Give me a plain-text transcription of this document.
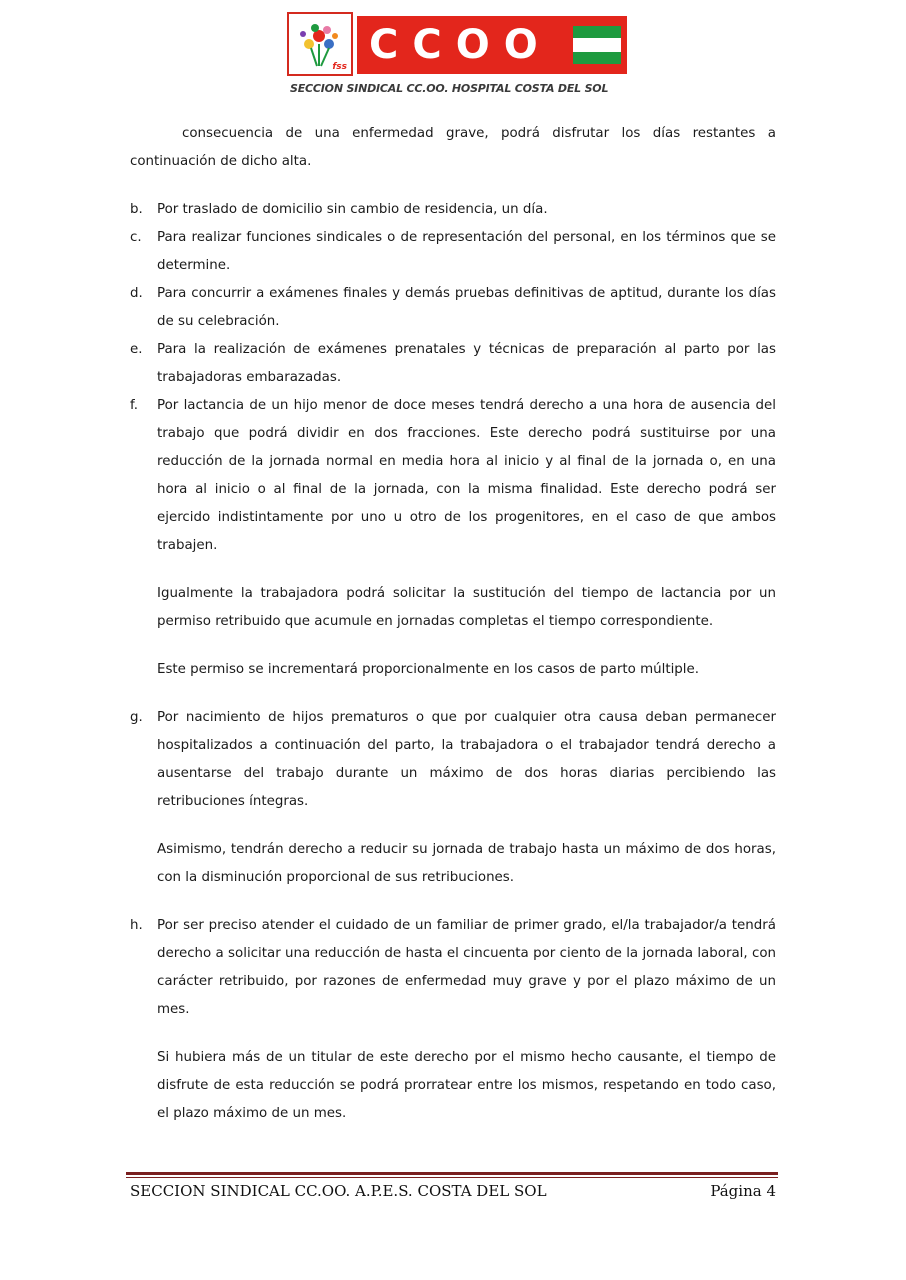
fss CCOO
SECCION SINDICAL CC.OO. HOSPITAL COSTA DEL SOL

consecuencia de una enfermedad grave, podrá disfrutar los días restantes a continuación de dicho alta.

b. Por traslado de domicilio sin cambio de residencia, un día.

c. Para realizar funciones sindicales o de representación del personal, en los términos que se determine.

d. Para concurrir a exámenes finales y demás pruebas definitivas de aptitud, durante los días de su celebración.

e. Para la realización de exámenes prenatales y técnicas de preparación al parto por las trabajadoras embarazadas.

f. Por lactancia de un hijo menor de doce meses tendrá derecho a una hora de ausencia del trabajo que podrá dividir en dos fracciones. Este derecho podrá sustituirse por una reducción de la jornada normal en media hora al inicio y al final de la jornada o, en una hora al inicio o al final de la jornada, con la misma finalidad. Este derecho podrá ser ejercido indistintamente por uno u otro de los progenitores, en el caso de que ambos trabajen.

Igualmente la trabajadora podrá solicitar la sustitución del tiempo de lactancia por un permiso retribuido que acumule en jornadas completas el tiempo correspondiente.

Este permiso se incrementará proporcionalmente en los casos de parto múltiple.

g. Por nacimiento de hijos prematuros o que por cualquier otra causa deban permanecer hospitalizados a continuación del parto, la trabajadora o el trabajador tendrá derecho a ausentarse del trabajo durante un máximo de dos horas diarias percibiendo las retribuciones íntegras.

Asimismo, tendrán derecho a reducir su jornada de trabajo hasta un máximo de dos horas, con la disminución proporcional de sus retribuciones.

h. Por ser preciso atender el cuidado de un familiar de primer grado, el/la trabajador/a tendrá derecho a solicitar una reducción de hasta el cincuenta por ciento de la jornada laboral, con carácter retribuido, por razones de enfermedad muy grave y por el plazo máximo de un mes.

Si hubiera más de un titular de este derecho por el mismo hecho causante, el tiempo de disfrute de esta reducción se podrá prorratear entre los mismos, respetando en todo caso, el plazo máximo de un mes.

SECCION SINDICAL CC.OO. A.P.E.S. COSTA DEL SOL	Página 4
